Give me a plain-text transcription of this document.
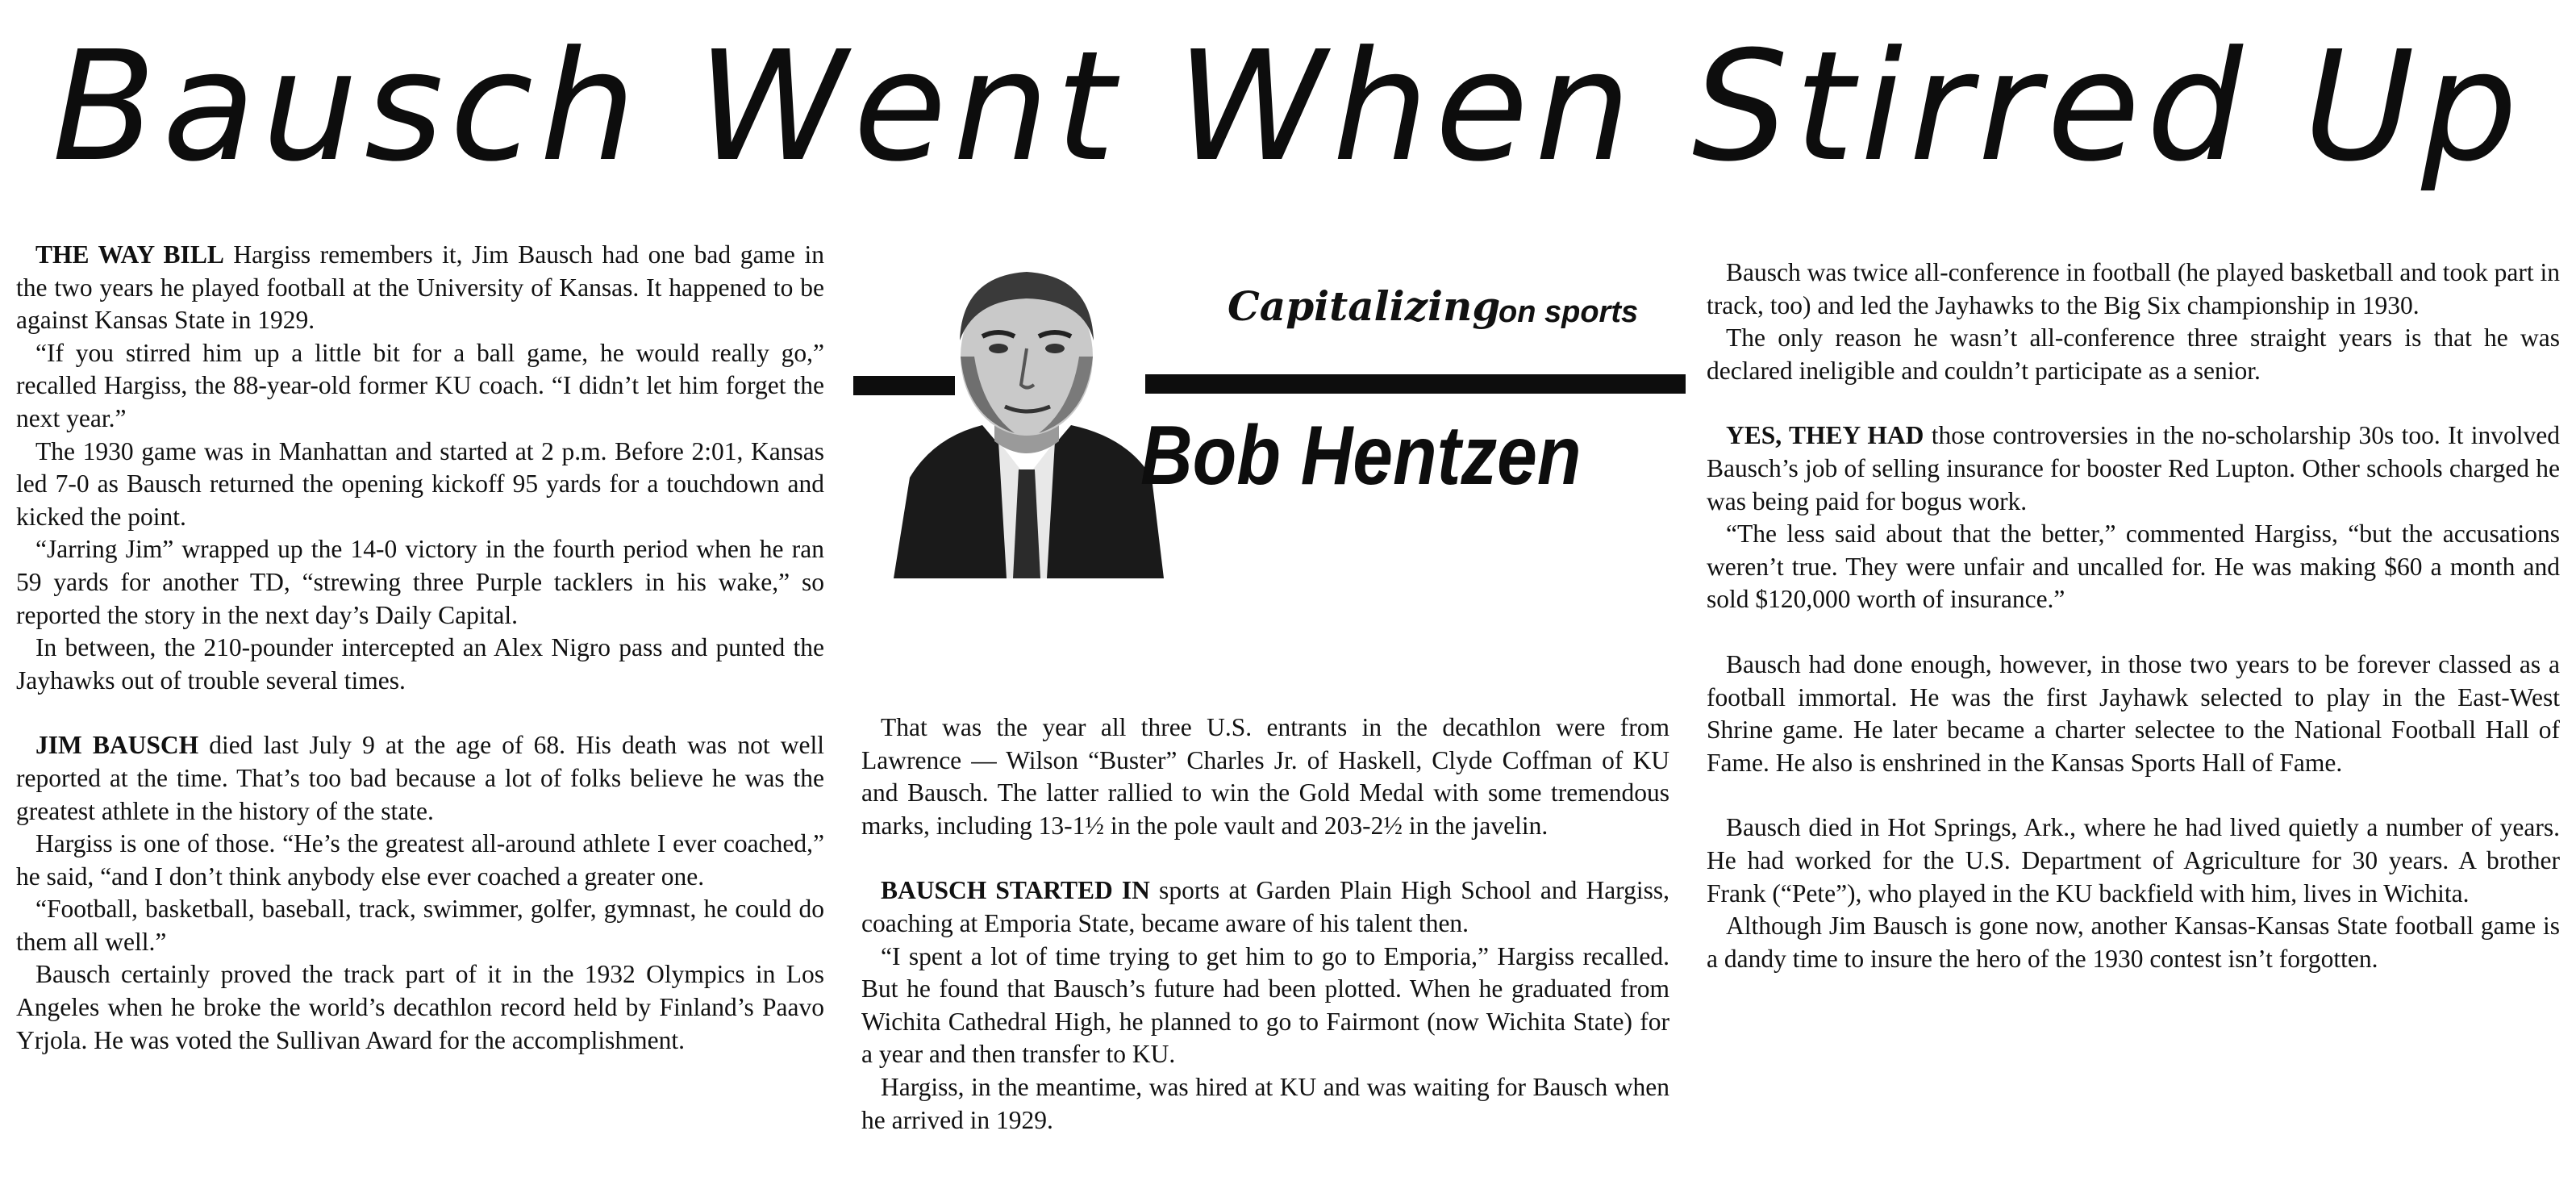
Bausch Went When Stirred Up
Capitalizing
on sports
Bob Hentzen

THE WAY BILL Hargiss remembers it, Jim Bausch had one bad game in the two years he played football at the University of Kansas. It happened to be against Kansas State in 1929.

“If you stirred him up a little bit for a ball game, he would really go,” recalled Hargiss, the 88-year-old former KU coach. “I didn’t let him forget the next year.”

The 1930 game was in Manhattan and started at 2 p.m. Before 2:01, Kansas led 7-0 as Bausch returned the opening kickoff 95 yards for a touchdown and kicked the point.

“Jarring Jim” wrapped up the 14-0 victory in the fourth period when he ran 59 yards for another TD, “strewing three Purple tacklers in his wake,” so reported the story in the next day’s Daily Capital.

In between, the 210-pounder intercepted an Alex Nigro pass and punted the Jayhawks out of trouble several times.

JIM BAUSCH died last July 9 at the age of 68. His death was not well reported at the time. That’s too bad because a lot of folks believe he was the greatest athlete in the history of the state.

Hargiss is one of those. “He’s the greatest all-around athlete I ever coached,” he said, “and I don’t think anybody else ever coached a greater one.

“Football, basketball, baseball, track, swimmer, golfer, gymnast, he could do them all well.”

Bausch certainly proved the track part of it in the 1932 Olympics in Los Angeles when he broke the world’s decathlon record held by Finland’s Paavo Yrjola. He was voted the Sullivan Award for the accomplishment.

That was the year all three U.S. entrants in the decathlon were from Lawrence — Wilson “Buster” Charles Jr. of Haskell, Clyde Coffman of KU and Bausch. The latter rallied to win the Gold Medal with some tremendous marks, including 13-1½ in the pole vault and 203-2½ in the javelin.

BAUSCH STARTED IN sports at Garden Plain High School and Hargiss, coaching at Emporia State, became aware of his talent then.

“I spent a lot of time trying to get him to go to Emporia,” Hargiss recalled. But he found that Bausch’s future had been plotted. When he graduated from Wichita Cathedral High, he planned to go to Fairmont (now Wichita State) for a year and then transfer to KU.

Hargiss, in the meantime, was hired at KU and was waiting for Bausch when he arrived in 1929.

Bausch was twice all-conference in football (he played basketball and took part in track, too) and led the Jayhawks to the Big Six championship in 1930.

The only reason he wasn’t all-conference three straight years is that he was declared ineligible and couldn’t participate as a senior.

YES, THEY HAD those controversies in the no-scholarship 30s too. It involved Bausch’s job of selling insurance for booster Red Lupton. Other schools charged he was being paid for bogus work.

“The less said about that the better,” commented Hargiss, “but the accusations weren’t true. They were unfair and uncalled for. He was making $60 a month and sold $120,000 worth of insurance.”

Bausch had done enough, however, in those two years to be forever classed as a football immortal. He was the first Jayhawk selected to play in the East-West Shrine game. He later became a charter selectee to the National Football Hall of Fame. He also is enshrined in the Kansas Sports Hall of Fame.

Bausch died in Hot Springs, Ark., where he had lived quietly a number of years. He had worked for the U.S. Department of Agriculture for 30 years. A brother Frank (“Pete”), who played in the KU backfield with him, lives in Wichita.

Although Jim Bausch is gone now, another Kansas-Kansas State football game is a dandy time to insure the hero of the 1930 contest isn’t forgotten.
